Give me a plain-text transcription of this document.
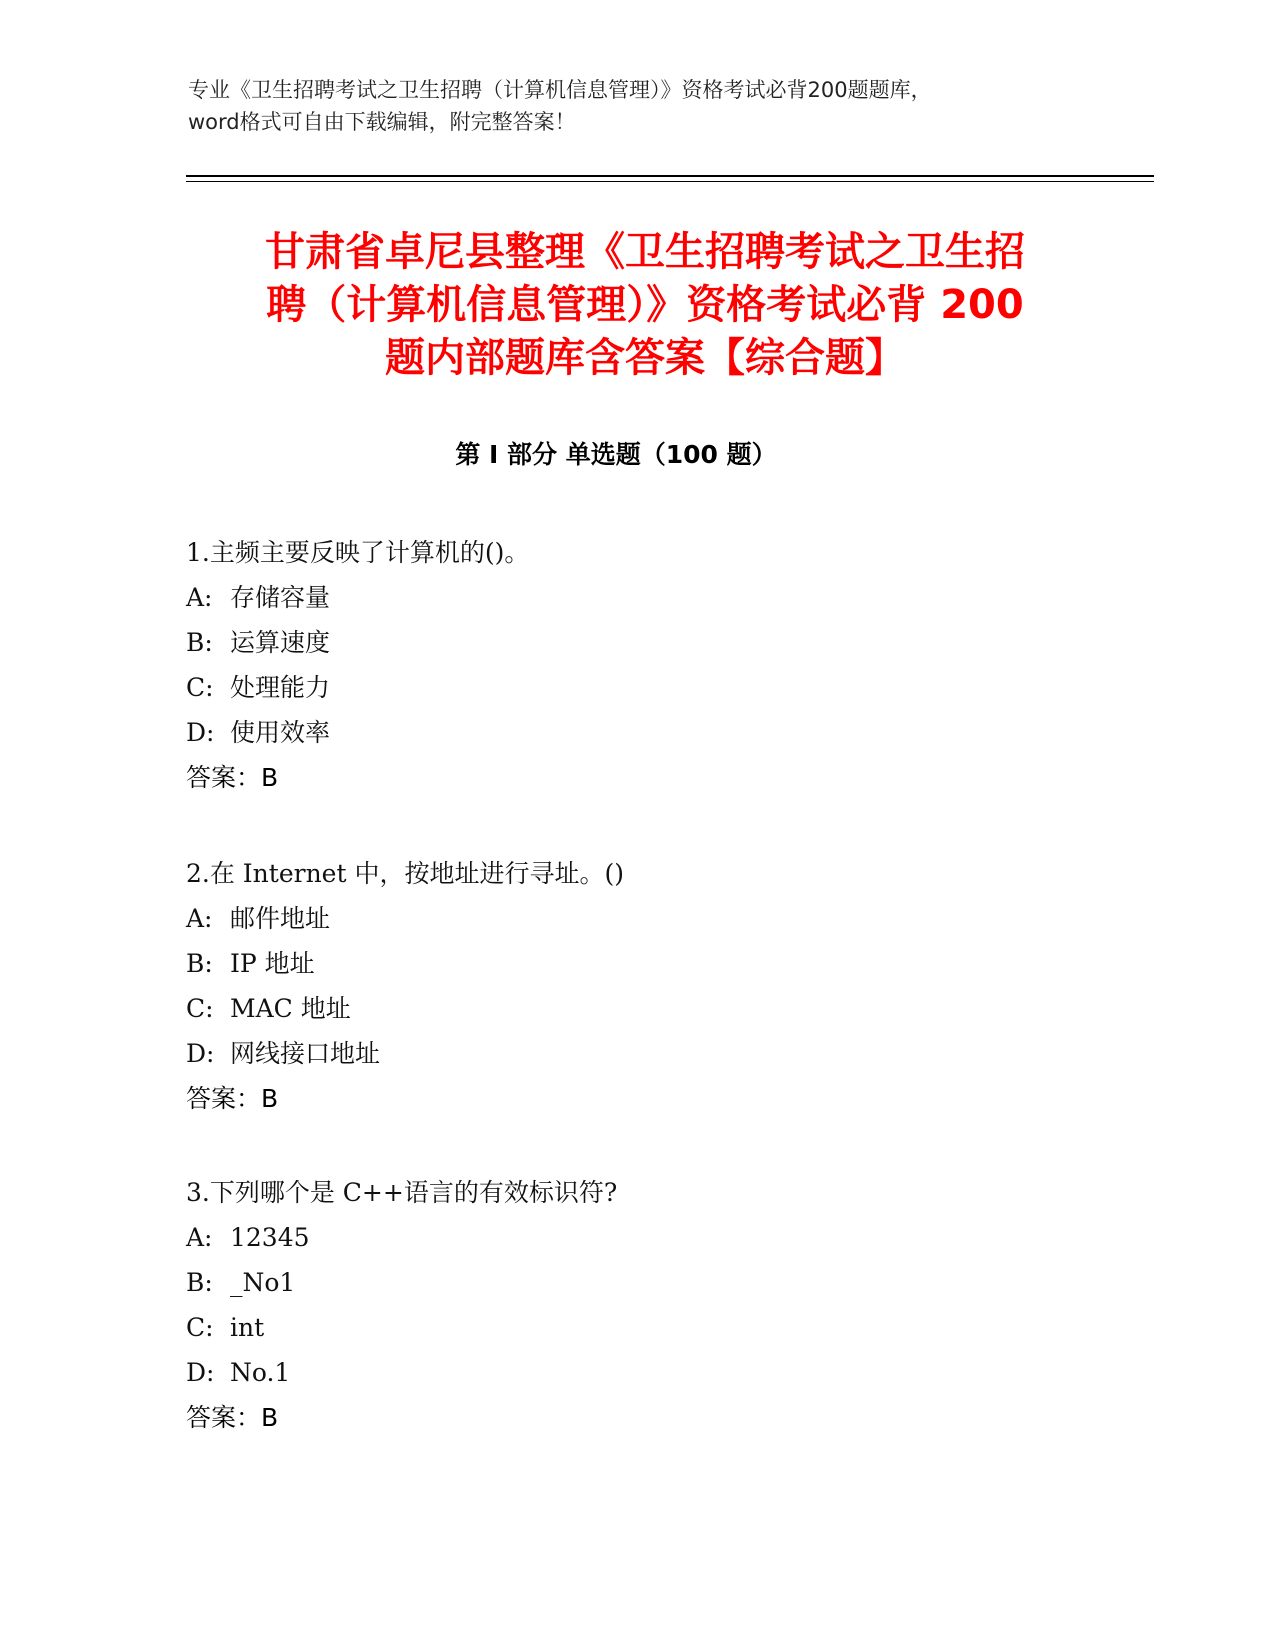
专业《卫生招聘考试之卫生招聘（计算机信息管理）》资格考试必背200题题库，
word格式可自由下载编辑，附完整答案！
甘肃省卓尼县整理《卫生招聘考试之卫生招
聘（计算机信息管理）》资格考试必背 200
题内部题库含答案【综合题】
第 I 部分 单选题（100 题）
1.主频主要反映了计算机的()。
A: 存储容量
B: 运算速度
C: 处理能力
D: 使用效率
答案：B
2.在 Internet 中，按地址进行寻址。()
A: 邮件地址
B: IP 地址
C: MAC 地址
D: 网线接口地址
答案：B
3.下列哪个是 C++语言的有效标识符?
A: 12345
B: _No1
C: int
D: No.1
答案：B
